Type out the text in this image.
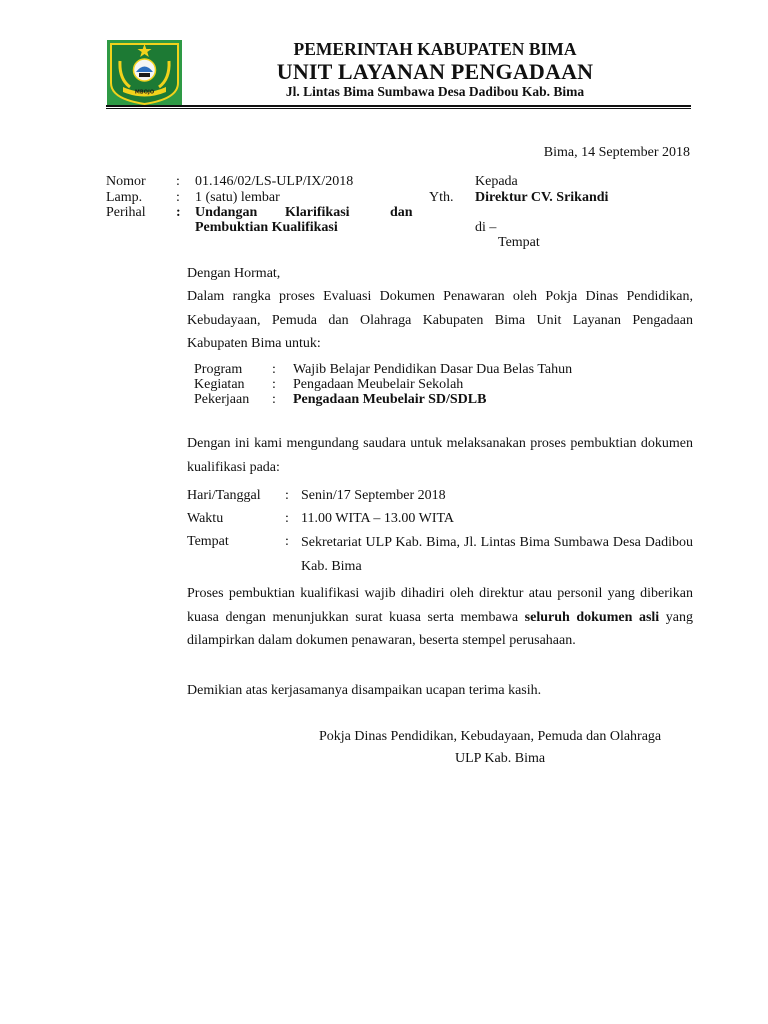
MBOJO
PEMERINTAH KABUPATEN BIMA
UNIT LAYANAN PENGADAAN
Jl. Lintas Bima Sumbawa Desa Dadibou Kab. Bima
Bima, 14 September 2018
Nomor : 01.146/02/LS-ULP/IX/2018
Lamp. : 1 (satu) lembar
Perihal : Undangan Klarifikasi	dan
Pembuktian Kualifikasi
Kepada
Yth. Direktur CV. Srikandi
di –
Tempat
Dengan Hormat,
Dalam rangka proses Evaluasi Dokumen Penawaran oleh Pokja Dinas Pendidikan, Kebudayaan, Pemuda dan Olahraga Kabupaten Bima Unit Layanan Pengadaan Kabupaten Bima untuk:
Program : Wajib Belajar Pendidikan Dasar Dua Belas Tahun
Kegiatan : Pengadaan Meubelair Sekolah
Pekerjaan : Pengadaan Meubelair SD/SDLB
Dengan ini kami mengundang saudara untuk melaksanakan proses pembuktian dokumen kualifikasi pada:
Hari/Tanggal : Senin/17 September 2018
Waktu	: 11.00 WITA – 13.00 WITA
Tempat	: Sekretariat ULP Kab. Bima, Jl. Lintas Bima Sumbawa Desa Dadibou Kab. Bima
Proses pembuktian kualifikasi wajib dihadiri oleh direktur atau personil yang diberikan kuasa dengan menunjukkan surat kuasa serta membawa seluruh dokumen asli yang dilampirkan dalam dokumen penawaran, beserta stempel perusahaan.
Demikian atas kerjasamanya disampaikan ucapan terima kasih.
Pokja Dinas Pendidikan, Kebudayaan, Pemuda dan Olahraga
ULP Kab. Bima
